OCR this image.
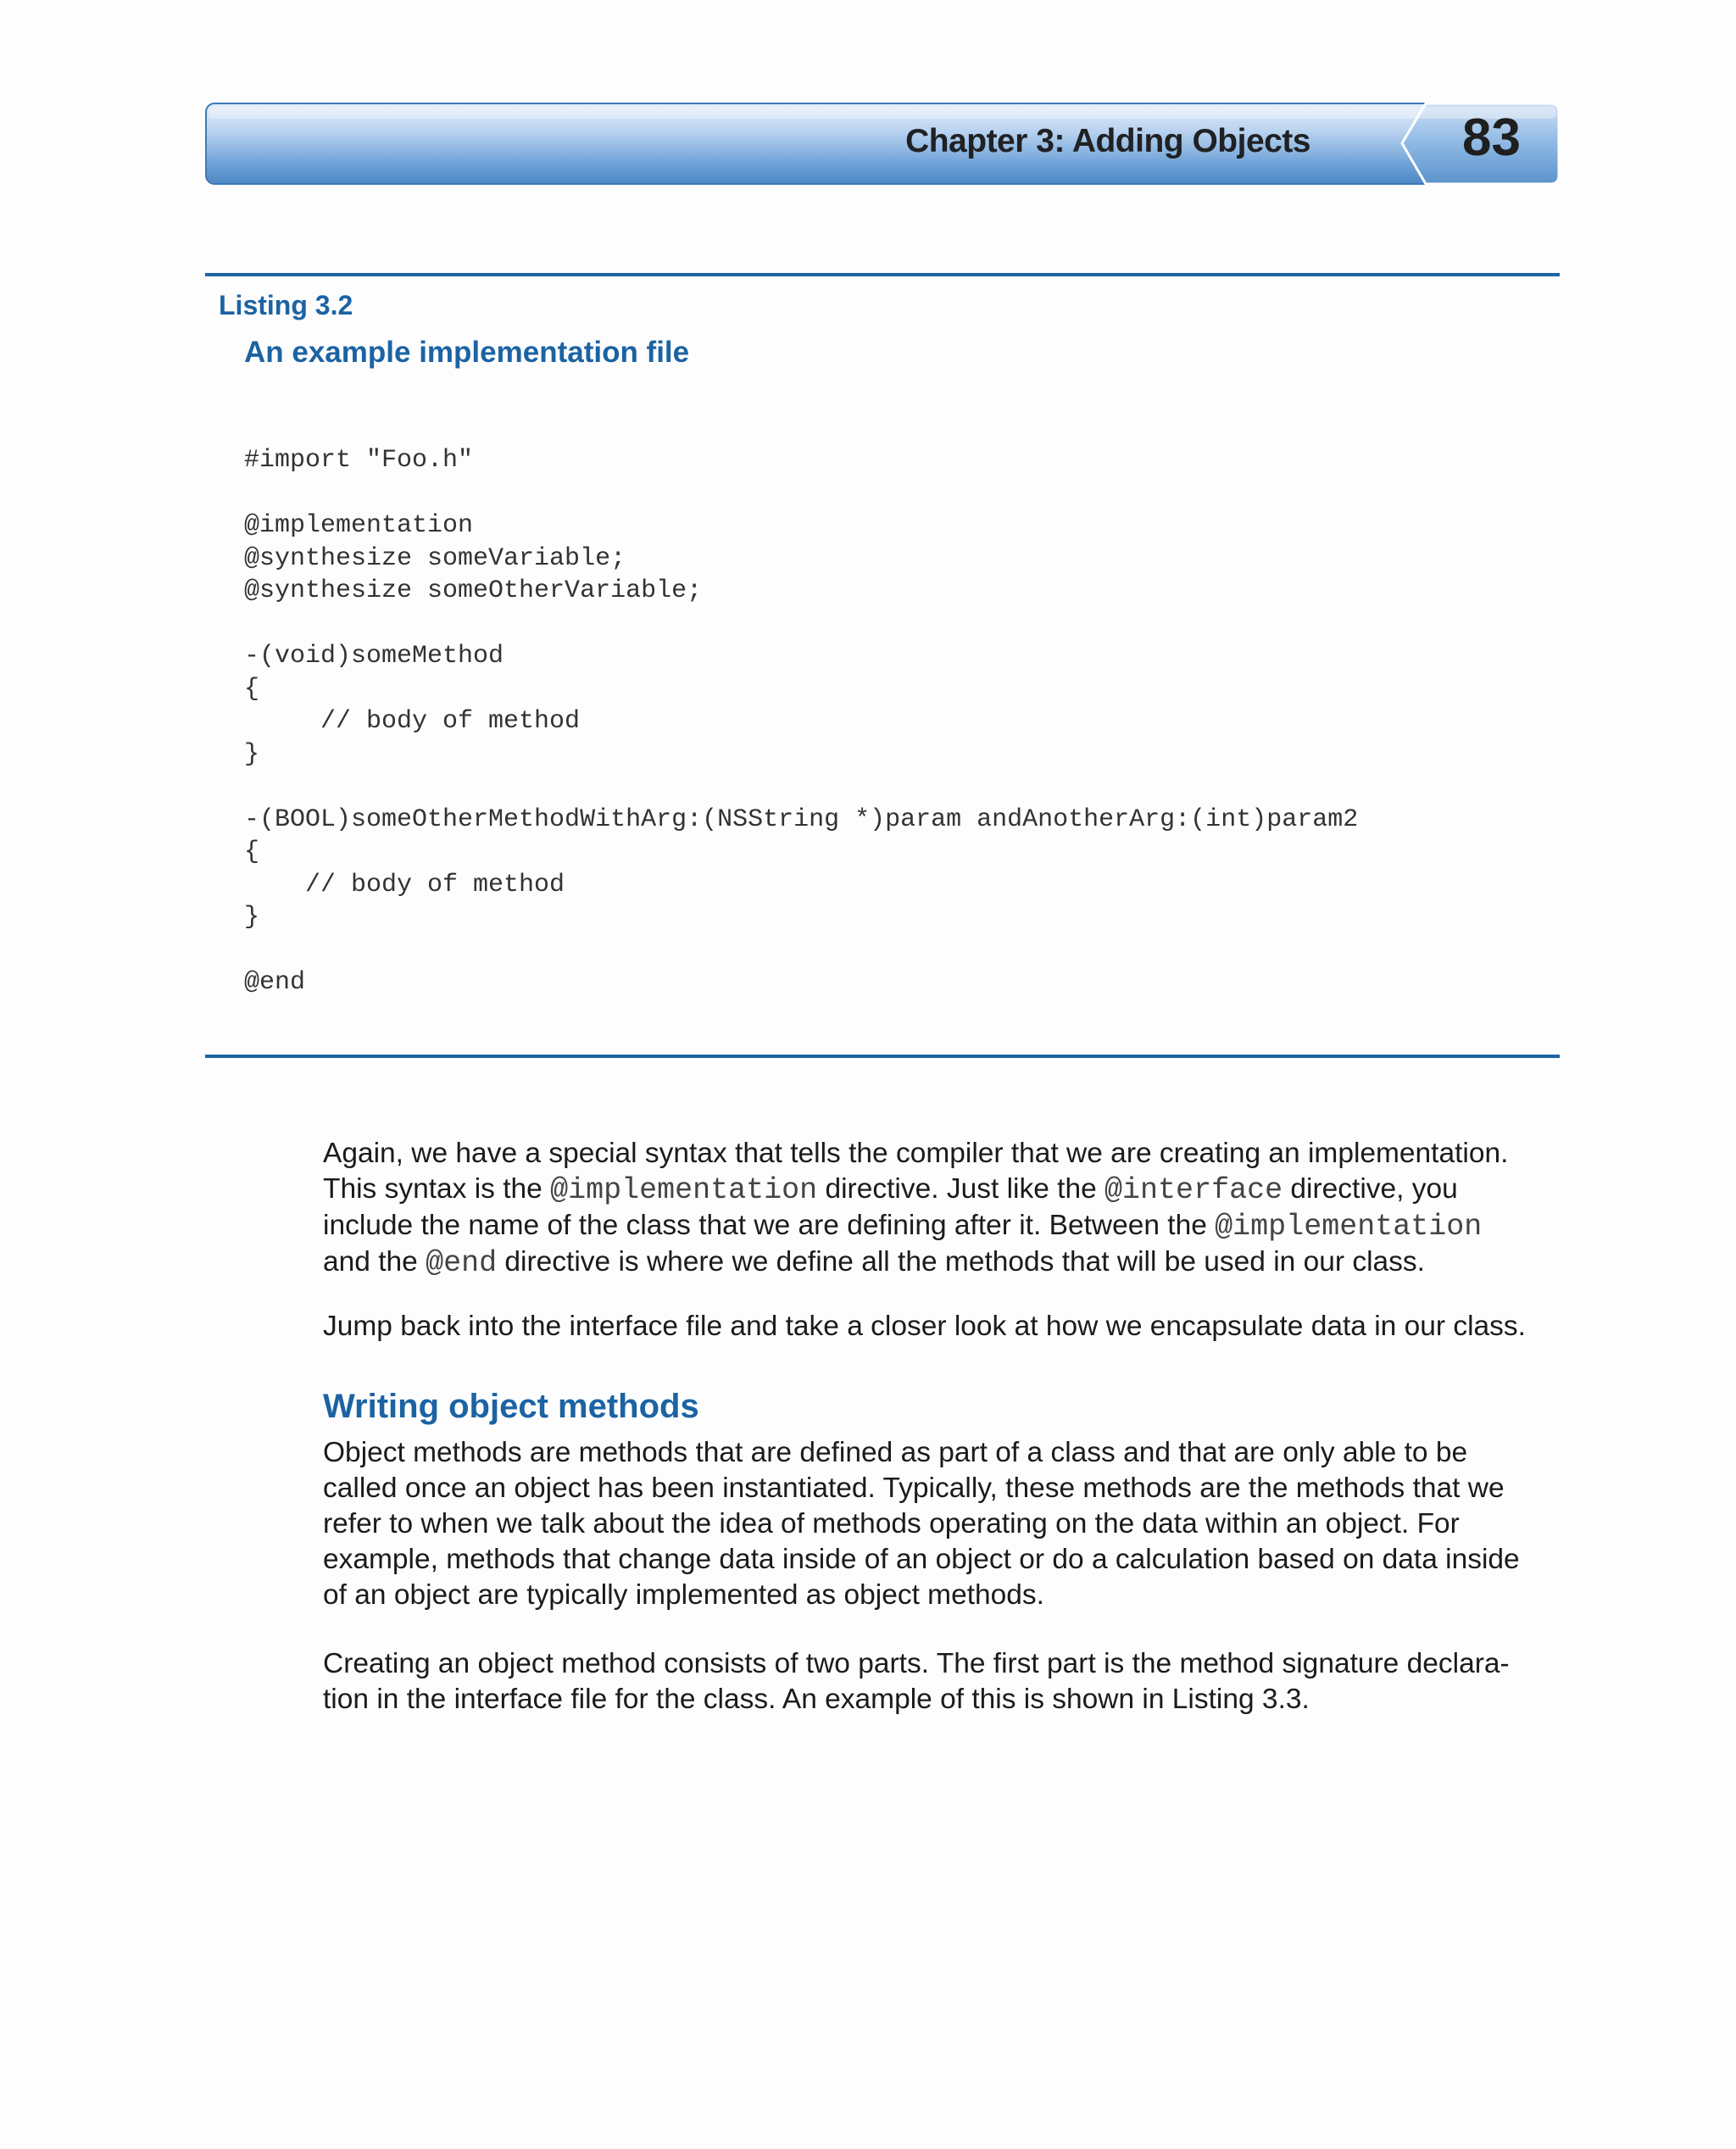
Chapter 3: Adding Objects	83
Listing 3.2
An example implementation file
#import "Foo.h"

@implementation
@synthesize someVariable;
@synthesize someOtherVariable;

-(void)someMethod
{
// body of method
}

-(BOOL)someOtherMethodWithArg:(NSString *)param andAnotherArg:(int)param2
{
// body of method
}

@end
Again, we have a special syntax that tells the compiler that we are creating an implementation.
This syntax is the @implementation directive. Just like the @interface directive, you
include the name of the class that we are defining after it. Between the @implementation
and the @end directive is where we define all the methods that will be used in our class.
Jump back into the interface file and take a closer look at how we encapsulate data in our class.
Writing object methods
Object methods are methods that are defined as part of a class and that are only able to be
called once an object has been instantiated. Typically, these methods are the methods that we
refer to when we talk about the idea of methods operating on the data within an object. For
example, methods that change data inside of an object or do a calculation based on data inside
of an object are typically implemented as object methods.
Creating an object method consists of two parts. The first part is the method signature declara-
tion in the interface file for the class. An example of this is shown in Listing 3.3.
